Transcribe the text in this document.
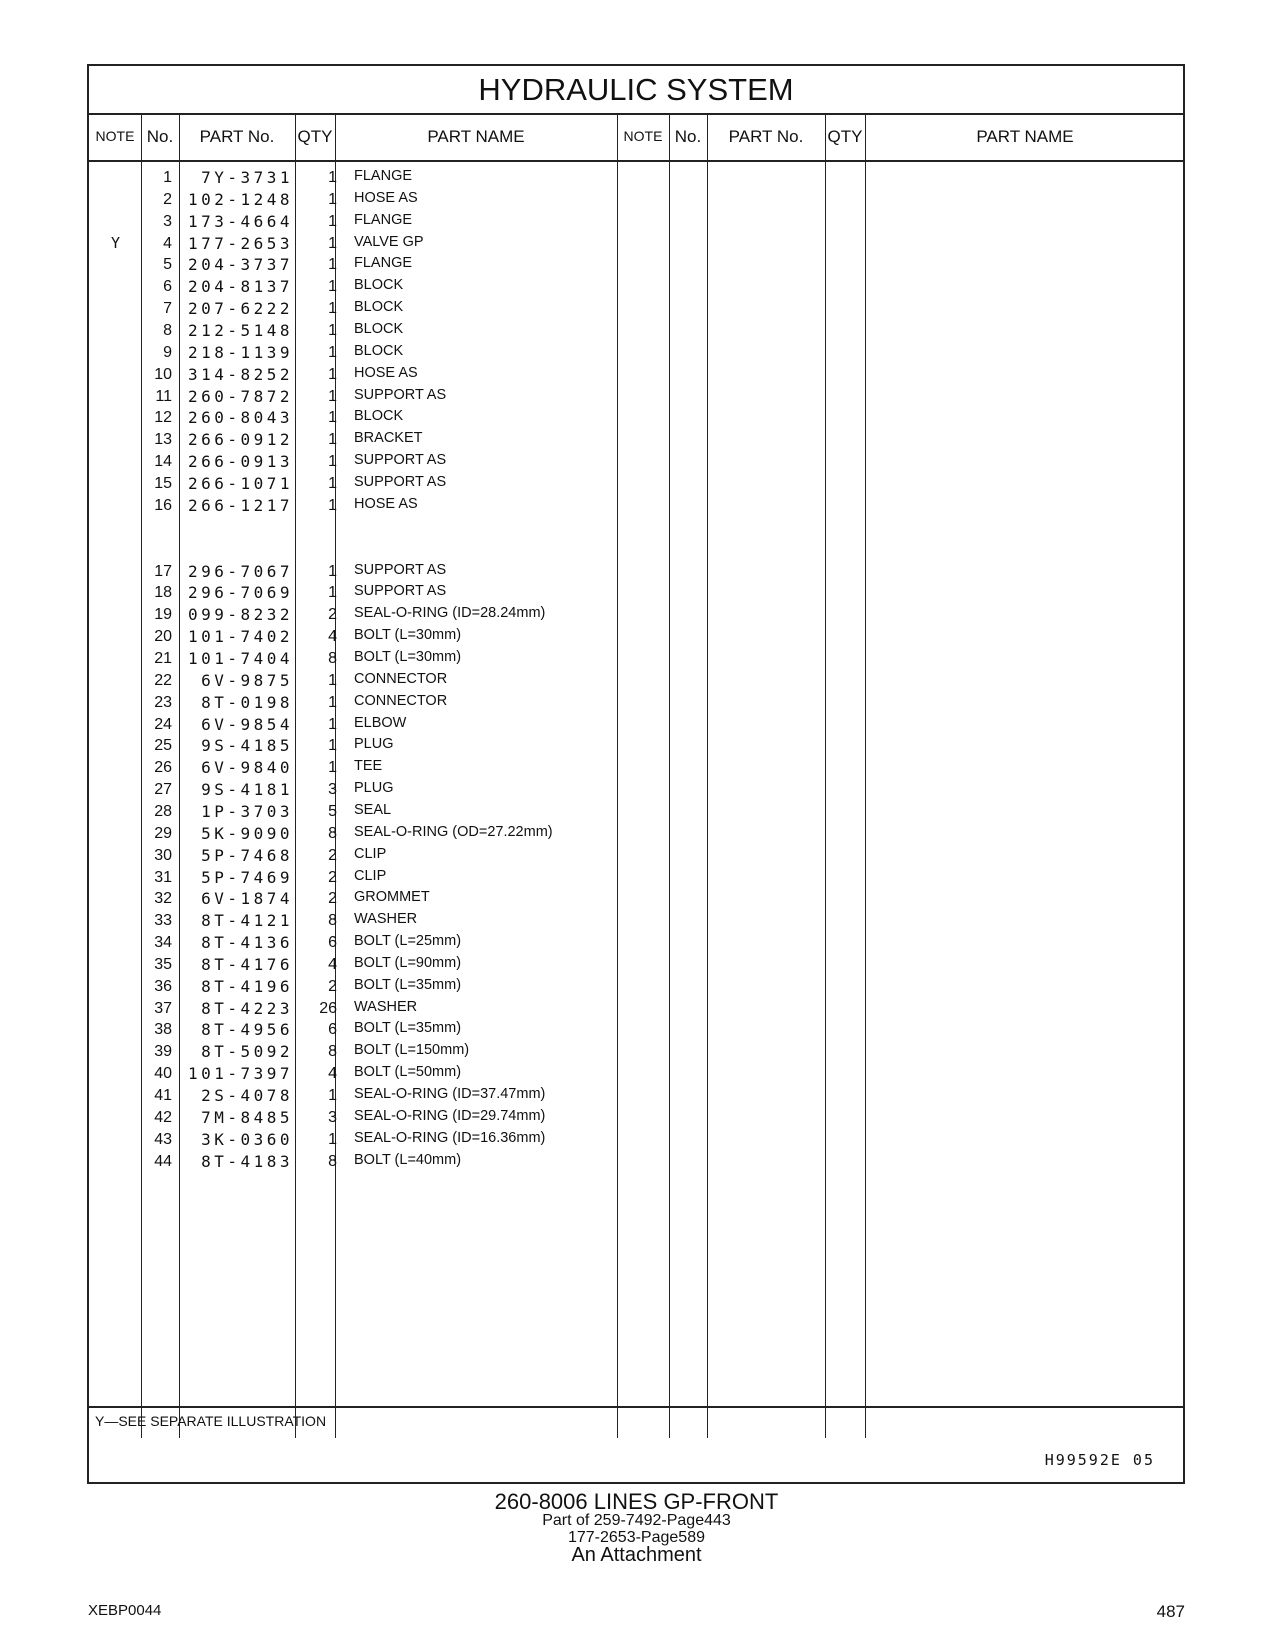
HYDRAULIC SYSTEM
NOTE No.	PART No.	QTY	PART NAME	NOTE No.	PART No.	QTY	PART NAME
1	7Y-3731	1 FLANGE
2 102-1248	1 HOSE AS
3 173-4664	1 FLANGE
Y	4 177-2653	1 VALVE GP
5 204-3737	1 FLANGE
6 204-8137	1 BLOCK
7 207-6222	1 BLOCK
8 212-5148	1 BLOCK
9 218-1139	1 BLOCK
10 314-8252	1 HOSE AS
11 260-7872	1 SUPPORT AS
12 260-8043	1 BLOCK
13 266-0912	1 BRACKET
14 266-0913	1 SUPPORT AS
15 266-1071	1 SUPPORT AS
16 266-1217	1 HOSE AS
17 296-7067	1 SUPPORT AS
18 296-7069	1 SUPPORT AS
19 099-8232	2 SEAL-O-RING (ID=28.24mm)
20 101-7402	4 BOLT (L=30mm)
21 101-7404	8 BOLT (L=30mm)
22	6V-9875	1 CONNECTOR
23	8T-0198	1 CONNECTOR
24	6V-9854	1 ELBOW
25	9S-4185	1 PLUG
26	6V-9840	1 TEE
27	9S-4181	3 PLUG
28	1P-3703	5 SEAL
29	5K-9090	8 SEAL-O-RING (OD=27.22mm)
30	5P-7468	2 CLIP
31	5P-7469	2 CLIP
32	6V-1874	2 GROMMET
33	8T-4121	8 WASHER
34	8T-4136	6 BOLT (L=25mm)
35	8T-4176	4 BOLT (L=90mm)
36	8T-4196	2 BOLT (L=35mm)
37	8T-4223	26 WASHER
38	8T-4956	6 BOLT (L=35mm)
39	8T-5092	8 BOLT (L=150mm)
40 101-7397	4 BOLT (L=50mm)
41	2S-4078	1 SEAL-O-RING (ID=37.47mm)
42	7M-8485	3 SEAL-O-RING (ID=29.74mm)
43	3K-0360	1 SEAL-O-RING (ID=16.36mm)
44	8T-4183	8 BOLT (L=40mm)
Y—SEE SEPARATE ILLUSTRATION
H99592E 05
260-8006 LINES GP-FRONT
Part of 259-7492-Page443
177-2653-Page589
An Attachment
XEBP0044	487
